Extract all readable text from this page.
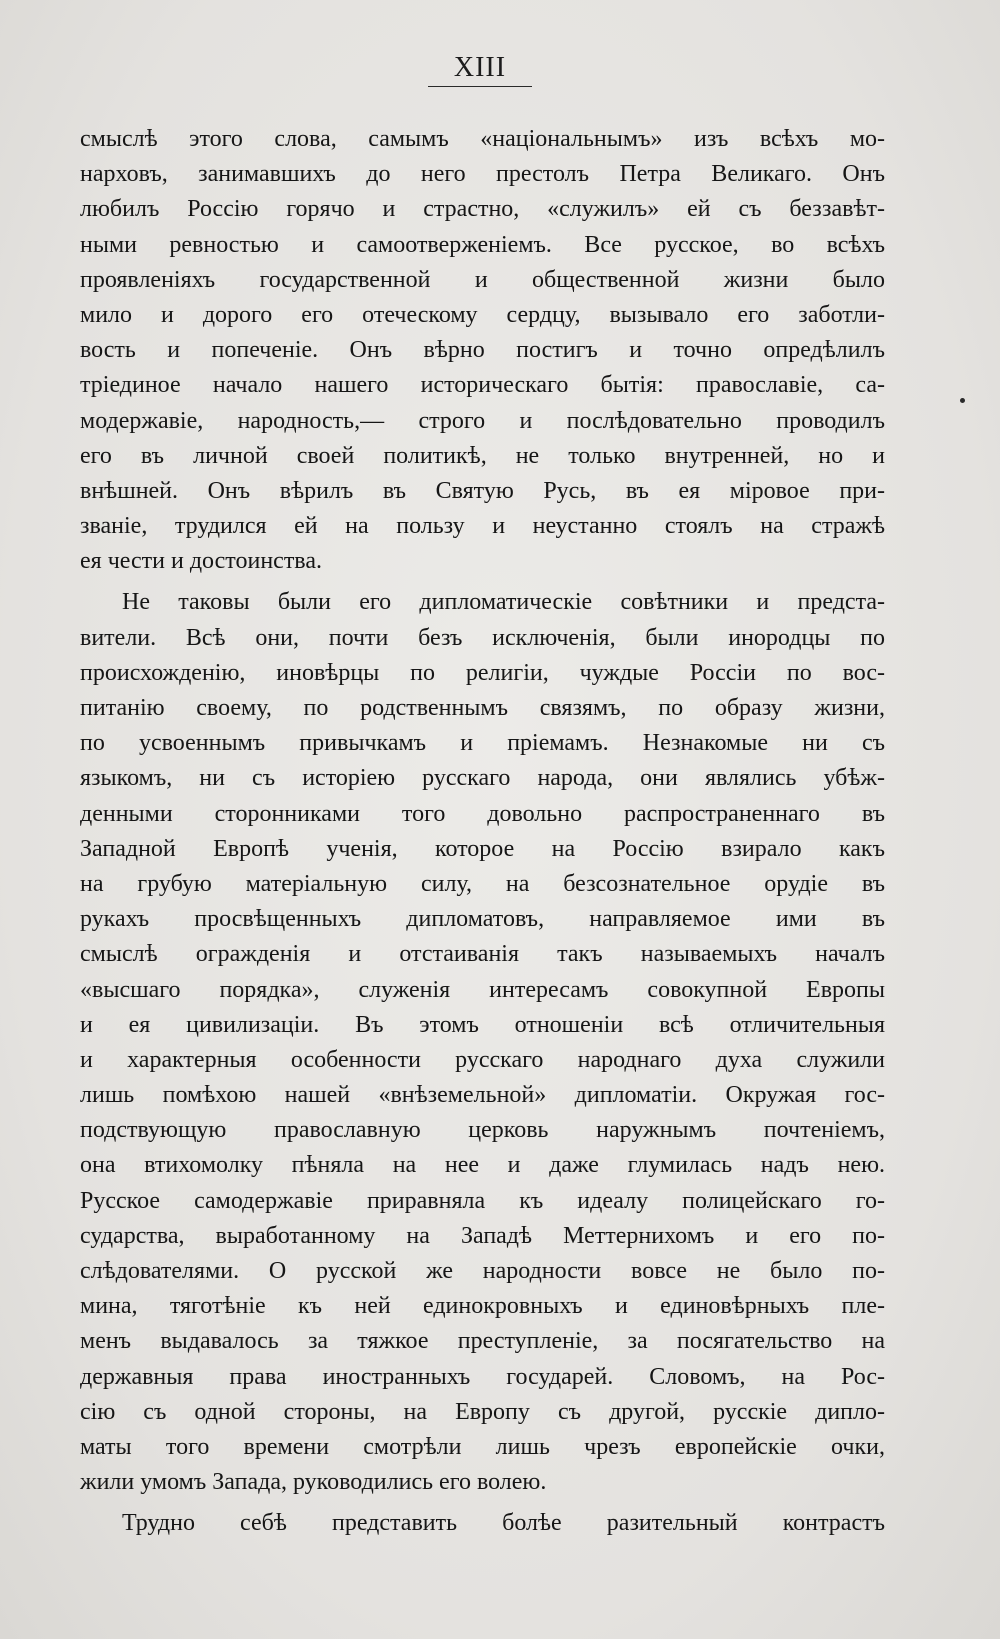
XIII
смыслѣ этого слова, самымъ «національнымъ» изъ всѣхъ мо-
нарховъ, занимавшихъ до него престолъ Петра Великаго. Онъ
любилъ Россію горячо и страстно, «служилъ» ей съ беззавѣт-
ными ревностью и самоотверженіемъ. Все русское, во всѣхъ
проявленіяхъ государственной и общественной жизни было
мило и дорого его отеческому сердцу, вызывало его заботли-
вость и попеченіе. Онъ вѣрно постигъ и точно опредѣлилъ
тріединое начало нашего историческаго бытія: православіе, са-
модержавіе, народность,— строго и послѣдовательно проводилъ
его въ личной своей политикѣ, не только внутренней, но и
внѣшней. Онъ вѣрилъ въ Святую Русь, въ ея міровое при-
званіе, трудился ей на пользу и неустанно стоялъ на стражѣ
ея чести и достоинства.
Не таковы были его дипломатическіе совѣтники и предста-
вители. Всѣ они, почти безъ исключенія, были инородцы по
происхожденію, иновѣрцы по религіи, чуждые Россіи по вос-
питанію своему, по родственнымъ связямъ, по образу жизни,
по усвоеннымъ привычкамъ и пріемамъ. Незнакомые ни съ
языкомъ, ни съ исторіею русскаго народа, они являлись убѣж-
денными сторонниками того довольно распространеннаго въ
Западной Европѣ ученія, которое на Россію взирало какъ
на грубую матеріальную силу, на безсознательное орудіе въ
рукахъ просвѣщенныхъ дипломатовъ, направляемое ими въ
смыслѣ огражденія и отстаиванія такъ называемыхъ началъ
«высшаго порядка», служенія интересамъ совокупной Европы
и ея цивилизаціи. Въ этомъ отношеніи всѣ отличительныя
и характерныя особенности русскаго народнаго духа служили
лишь помѣхою нашей «внѣземельной» дипломатіи. Окружая гос-
подствующую православную церковь наружнымъ почтеніемъ,
она втихомолку пѣняла на нее и даже глумилась надъ нею.
Русское самодержавіе приравняла къ идеалу полицейскаго го-
сударства, выработанному на Западѣ Меттернихомъ и его по-
слѣдователями. О русской же народности вовсе не было по-
мина, тяготѣніе къ ней единокровныхъ и единовѣрныхъ пле-
менъ выдавалось за тяжкое преступленіе, за посягательство на
державныя права иностранныхъ государей. Словомъ, на Рос-
сію съ одной стороны, на Европу съ другой, русскіе дипло-
маты того времени смотрѣли лишь чрезъ европейскіе очки,
жили умомъ Запада, руководились его волею.
Трудно себѣ представить болѣе разительный контрастъ
